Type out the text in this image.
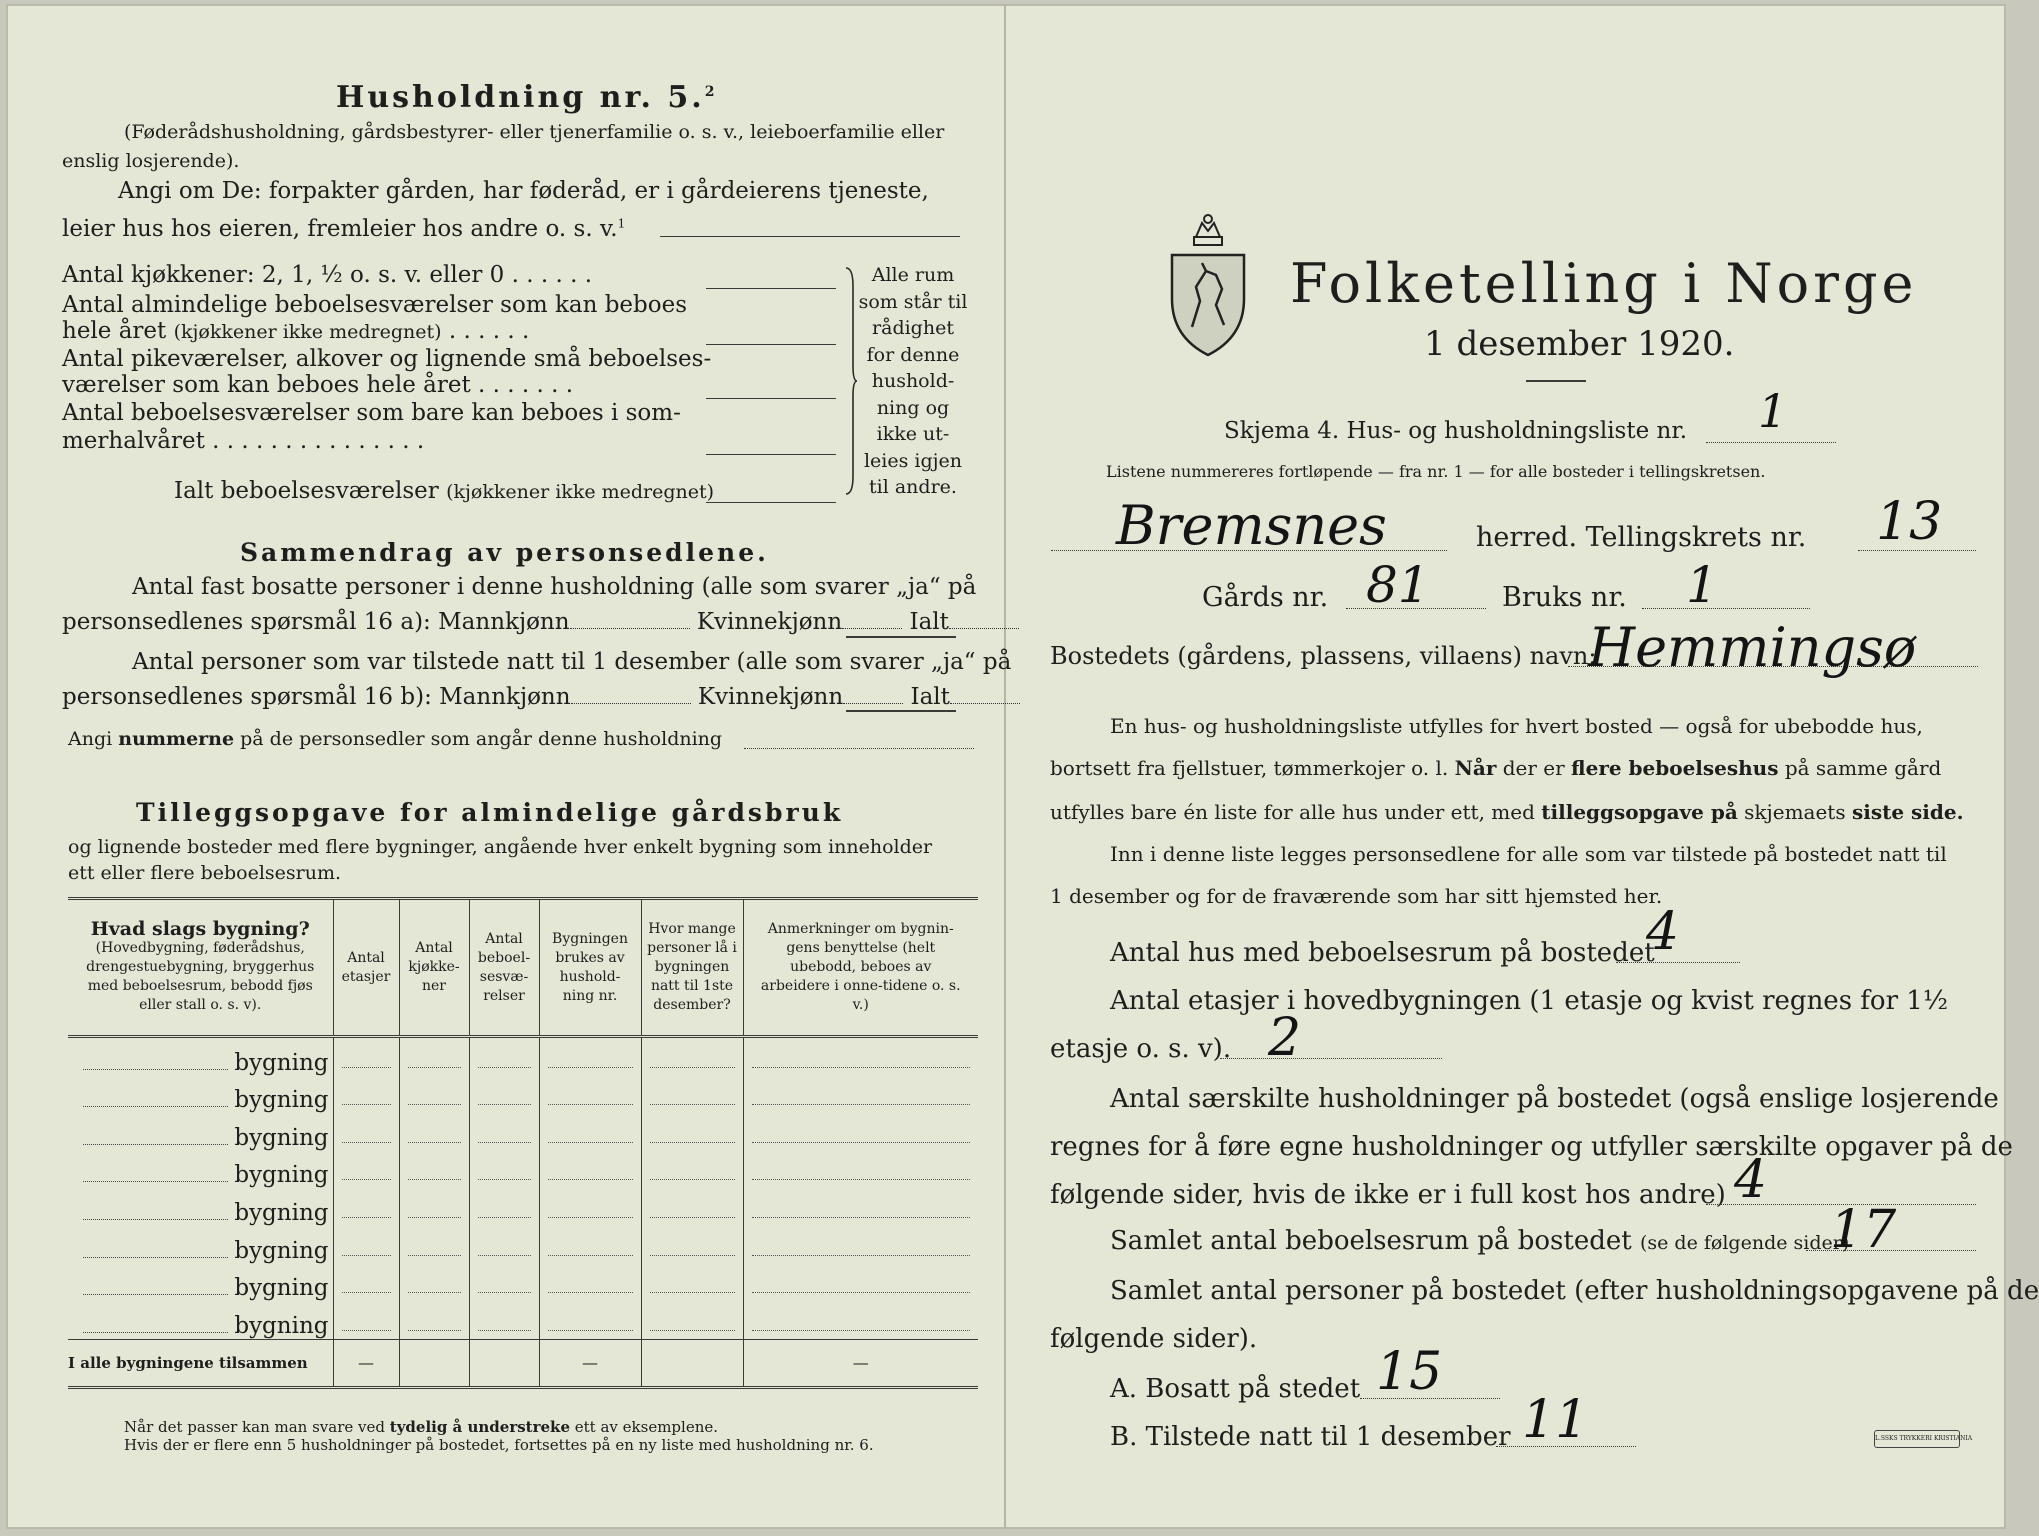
Husholdning nr. 5.$^2$
(Føderådshusholdning, gårdsbestyrer- eller tjenerfamilie o. s. v., leieboerfamilie eller
enslig losjerende).
Angi om De: forpakter gården, har føderåd, er i gårdeierens tjeneste,
leier hus hos eieren, fremleier hos andre o. s. v.$^1$
Antal kjøkkener: 2, 1, ½ o. s. v. eller 0 . . . . . .
Antal almindelige beboelsesværelser som kan beboes
hele året (kjøkkener ikke medregnet) . . . . . .
Antal pikeværelser, alkover og lignende små beboelses-
værelser som kan beboes hele året . . . . . . .
Antal beboelsesværelser som bare kan beboes i som-
merhalvåret . . . . . . . . . . . . . . .
Alle rum
som står til
rådighet
for denne
hushold-
ning og
ikke ut-
leies igjen
til andre.
Ialt beboelsesværelser (kjøkkener ikke medregnet)
Sammendrag av personsedlene.
Antal fast bosatte personer i denne husholdning (alle som svarer „ja“ på
personsedlenes spørsmål 16 a): Mannkjønn	Kvinnekjønn	Ialt
Antal personer som var tilstede natt til 1 desember (alle som svarer „ja“ på
personsedlenes spørsmål 16 b): Mannkjønn	Kvinnekjønn	Ialt
Angi nummerne på de personsedler som angår denne husholdning
Tilleggsopgave for almindelige gårdsbruk
og lignende bosteder med flere bygninger, angående hver enkelt bygning som inneholder
ett eller flere beboelsesrum.
Hvad slags bygning?
(Hovedbygning, føderådshus, drengestuebygning, bryggerhus med beboelsesrum, bebodd fjøs eller stall o. s. v).	Antal etasjer	Antal kjøkke-ner	Antal beboel-sesvæ-relser	Bygningen brukes av hushold-ning nr.	Hvor mange personer lå i bygningen natt til 1ste desember?	Anmerkninger om bygnin-gens benyttelse (helt ubebodd, beboes av arbeidere i onne-tidene o. s. v.)
bygning	

bygning	

bygning	

bygning	

bygning	

bygning	

bygning	

bygning	

I alle bygningene tilsammen	—			—		—
Når det passer kan man svare ved tydelig å understreke ett av eksemplene.
Hvis der er flere enn 5 husholdninger på bostedet, fortsettes på en ny liste med husholdning nr. 6.
Folketelling i Norge
1 desember 1920.
Skjema 4. Hus- og husholdningsliste nr. 1
Listene nummereres fortløpende — fra nr. 1 — for alle bosteder i tellingskretsen.
Bremsnes	herred. Tellingskrets nr. 13
Gårds nr. 81	Bruks nr. 1
Bostedets (gårdens, plassens, villaens) navn:
Hemmingsø
En hus- og husholdningsliste utfylles for hvert bosted — også for ubebodde hus,
bortsett fra fjellstuer, tømmerkojer o. l. Når der er flere beboelseshus på samme gård
utfylles bare én liste for alle hus under ett, med tilleggsopgave på skjemaets siste side.
Inn i denne liste legges personsedlene for alle som var tilstede på bostedet natt til
1 desember og for de fraværende som har sitt hjemsted her.
Antal hus med beboelsesrum på bostedet
4
Antal etasjer i hovedbygningen (1 etasje og kvist regnes for 1½
etasje o. s. v). 2
Antal særskilte husholdninger på bostedet (også enslige losjerende
regnes for å føre egne husholdninger og utfyller særskilte opgaver på de
følgende sider, hvis de ikke er i full kost hos andre) 4
Samlet antal beboelsesrum på bostedet (se de følgende sider)
17
Samlet antal personer på bostedet (efter husholdningsopgavene på de
følgende sider).
A. Bosatt på stedet 15
B. Tilstede natt til 1 desember 11	L.SSKS TRYKKERI KRISTIANIA
